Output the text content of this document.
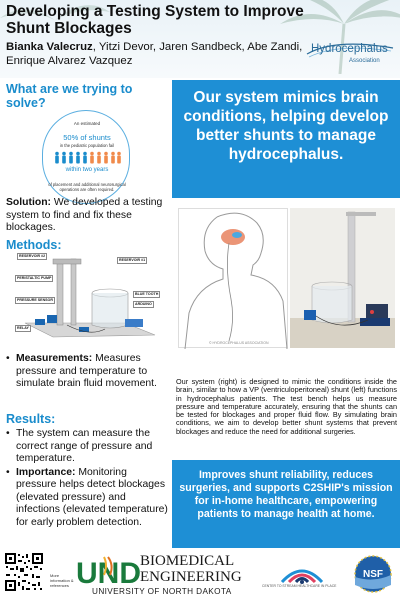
Developing a Testing System to Improve Shunt Blockages
Bianka Valecruz, Yitzi Devor, Jaren Sandbeck, Abe Zandi, Enrique Alvarez Vazquez
Hydrocephalus
Association
What are we trying to solve?
An estimated
50% of shunts
in the pediatric population fail
within two years
of placement and additional neurosurgical operations are often required.
Solution: We developed a testing system to find and fix these blockages.
Methods:
RESERVOIR #2
PERISTALTIC PUMP
PRESSURE SENSOR
RELAY
RESERVOIR #1
BLUE TOOTH
ARDUINO
• Measurements: Measures pressure and temperature to simulate brain fluid movement.
Results:
• The system can measure the correct range of pressure and temperature.
• Importance: Monitoring pressure helps detect blockages (elevated pressure) and infections (elevated temperature) for early problem detection.
Our system mimics brain conditions, helping develop better shunts to manage hydrocephalus.
© HYDROCEPHALUS ASSOCIATION
Our system (right) is designed to mimic the conditions inside the brain, similar to how a VP (ventriculoperitoneal) shunt (left) functions in hydrocephalus patients. The test bench helps us measure pressure and temperature accurately, ensuring that the shunts can be tested for blockages and proper fluid flow. By simulating brain conditions, we aim to develop better shunt systems that prevent blockages and reduce the need for additional surgeries.
Improves shunt reliability, reduces surgeries, and supports C2SHIP's mission for in-home healthcare, empowering patients to manage health at home.
More information & references UND BIOMEDICAL
ENGINEERING
UNIVERSITY OF NORTH DAKOTA
CENTER TO STREAM HEALTHCARE IN PLACE
NSF
